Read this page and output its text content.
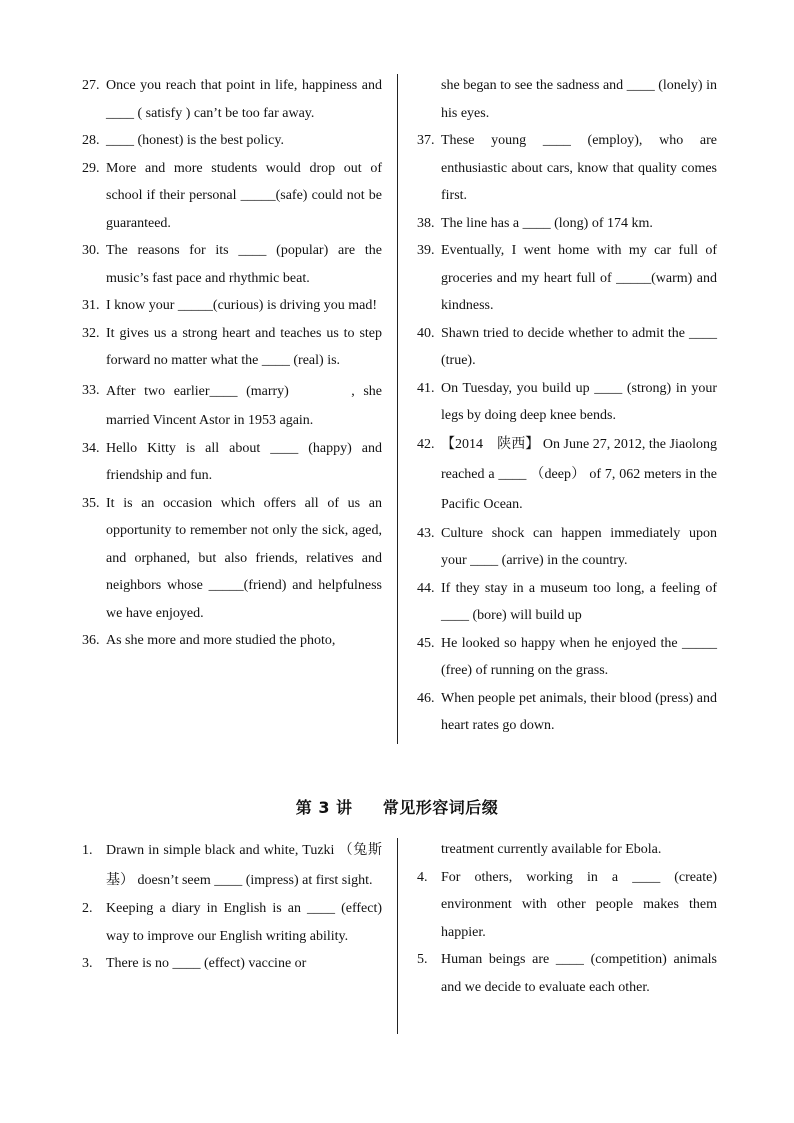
27. Once you reach that point in life, happiness and ____ ( satisfy ) can’t be too far away.
28. ____ (honest) is the best policy.
29. More and more students would drop out of school if their personal _____(safe) could not be guaranteed.
30. The reasons for its ____ (popular) are the music’s fast pace and rhythmic beat.
31. I know your _____(curious) is driving you mad!
32. It gives us a strong heart and teaches us to step forward no matter what the ____ (real) is.
33. After two earlier____ (marry)　　　, she married Vincent Astor in 1953 again.
34. Hello Kitty is all about ____ (happy) and friendship and fun.
35. It is an occasion which offers all of us an opportunity to remember not only the sick, aged, and orphaned, but also friends, relatives and neighbors whose _____(friend) and helpfulness we have enjoyed.
36. As she more and more studied the photo,
she began to see the sadness and ____ (lonely) in his eyes.
37. These young ____ (employ), who are enthusiastic about cars, know that quality comes first.
38. The line has a ____ (long) of 174 km.
39. Eventually, I went home with my car full of groceries and my heart full of _____(warm) and kindness.
40. Shawn tried to decide whether to admit the ____ (true).
41. On Tuesday, you build up ____ (strong) in your legs by doing deep knee bends.
42. 【2014　陕西】 On June 27, 2012, the Jiaolong reached a ____ （deep） of 7, 062 meters in the Pacific Ocean.
43. Culture shock can happen immediately upon your ____ (arrive) in the country.
44. If they stay in a museum too long, a feeling of ____ (bore) will build up
45. He looked so happy when he enjoyed the _____ (free) of running on the grass.
46. When people pet animals, their blood (press) and heart rates go down.
第 3 讲 常见形容词后缀
1. Drawn in simple black and white, Tuzki （兔斯基） doesn’t seem ____ (impress) at first sight.
2. Keeping a diary in English is an ____ (effect) way to improve our English writing ability.
3. There is no ____ (effect) vaccine or
treatment currently available for Ebola.
4. For others, working in a ____ (create) environment with other people makes them happier.
5. Human beings are ____ (competition) animals and we decide to evaluate each other.
